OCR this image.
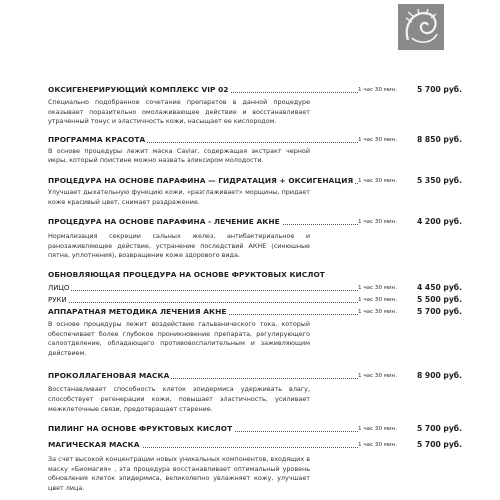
ОКСИГЕНЕРИРУЮЩИЙ КОМПЛЕКС VIP 02	1 час 30 мин.	5 700 руб.
Специально подобранное сочетание препаратов в данной процедуре оказывает поразительно омолаживающее действие и восстанавливает утраченный тонус и эластичность кожи, насыщает ее кислородом.
ПРОГРАММА КРАСОТА	1 час 30 мин.	8 850 руб.
В основе процедуры лежит маска Caviar, содержащая экстракт черной икры, который поистине можно назвать эликсиром молодости.
ПРОЦЕДУРА НА ОСНОВЕ ПАРАФИНА — ГИДРАТАЦИЯ + ОКСИГЕНАЦИЯ 1 час 30 мин.	5 350 руб.
Улучшает дыхательную функцию кожи, «разглаживает» морщины, придает коже красивый цвет, снимает раздражение.
ПРОЦЕДУРА НА ОСНОВЕ ПАРАФИНА - ЛЕЧЕНИЕ АКНЕ	1 час 30 мин.	4 200 руб.
Нормализация секреции сальных желез, антибактериальное и ранозаживляющее действие, устранение последствий АКНЕ (синюшные пятна, уплотнения), возвращение коже здорового вида.
ОБНОВЛЯЮЩАЯ ПРОЦЕДУРА НА ОСНОВЕ ФРУКТОВЫХ КИСЛОТ
ЛИЦО	1 час 30 мин.	4 450 руб.
РУКИ	1 час 30 мин.	5 500 руб.
АППАРАТНАЯ МЕТОДИКА ЛЕЧЕНИЯ АКНЕ	1 час 30 мин.	5 700 руб.
В основе процедуры лежит воздействие гальванического тока, который обеспечивает более глубокое проникновение препарата, регулирующего салоотделение, обладающего противовоспалительным и заживляющим действием.
ПРОКОЛЛАГЕНОВАЯ МАСКА	1 час 30 мин.	8 900 руб.
Восстанавливает способность клеток эпидермиса удерживать влагу, способствует регенерации кожи, повышает эластичность, усиливает межклеточные связи, предотвращает старение.
ПИЛИНГ НА ОСНОВЕ ФРУКТОВЫХ КИСЛОТ	1 час 30 мин.	5 700 руб.
МАГИЧЕСКАЯ МАСКА	1 час 30 мин.	5 700 руб.
За счет высокой концентрации новых уникальных компонентов, входящих в маску «Биомагия» , эта процедура восстанавливает оптимальный уровень обновления клеток эпидермиса, великолепно увлажняет кожу, улучшает цвет лица.
